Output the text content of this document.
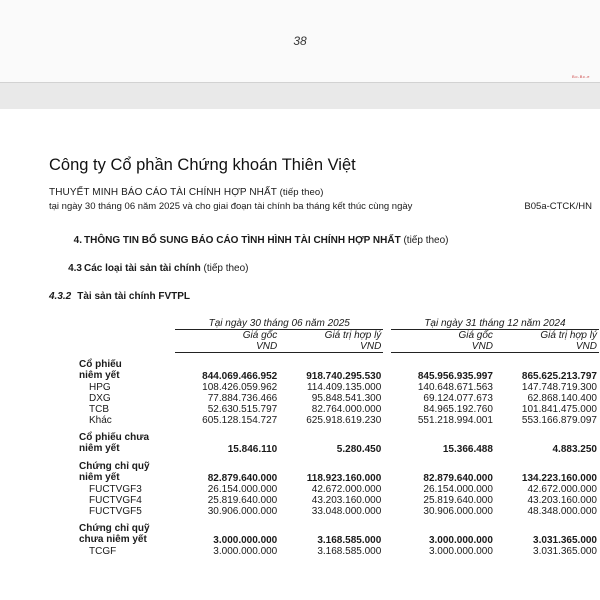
38
Bo-Bc-e
Công ty Cổ phần Chứng khoán Thiên Việt
THUYẾT MINH BÁO CÁO TÀI CHÍNH HỢP NHẤT (tiếp theo)
tại ngày 30 tháng 06 năm 2025 và cho giai đoạn tài chính ba tháng kết thúc cùng ngày	B05a-CTCK/HN
4. THÔNG TIN BỔ SUNG BÁO CÁO TÌNH HÌNH TÀI CHÍNH HỢP NHẤT (tiếp theo)
4.3 Các loại tài sản tài chính (tiếp theo)
4.3.2 Tài sản tài chính FVTPL
	Tại ngày 30 tháng 06 năm 2025			Tại ngày 31 tháng 12 năm 2024	
	Giá gốc	Giá trị hợp lý		Giá gốc	Giá trị hợp lý
	VND	VND		VND	VND
Cổ phiếu					
niêm yết	844.069.466.952	918.740.295.530		845.956.935.997	865.625.213.797
HPG	108.426.059.962	114.409.135.000		140.648.671.563	147.748.719.300
DXG	77.884.736.466	95.848.541.300		69.124.077.673	62.868.140.400
TCB	52.630.515.797	82.764.000.000		84.965.192.760	101.841.475.000
Khác	605.128.154.727	625.918.619.230		551.218.994.001	553.166.879.097
Cổ phiếu chưa					
niêm yết	15.846.110	5.280.450		15.366.488	4.883.250
Chứng chỉ quỹ					
niêm yết	82.879.640.000	118.923.160.000		82.879.640.000	134.223.160.000
FUCTVGF3	26.154.000.000	42.672.000.000		26.154.000.000	42.672.000.000
FUCTVGF4	25.819.640.000	43.203.160.000		25.819.640.000	43.203.160.000
FUCTVGF5	30.906.000.000	33.048.000.000		30.906.000.000	48.348.000.000
Chứng chỉ quỹ					
chưa niêm yết	3.000.000.000	3.168.585.000		3.000.000.000	3.031.365.000
TCGF	3.000.000.000	3.168.585.000		3.000.000.000	3.031.365.000
